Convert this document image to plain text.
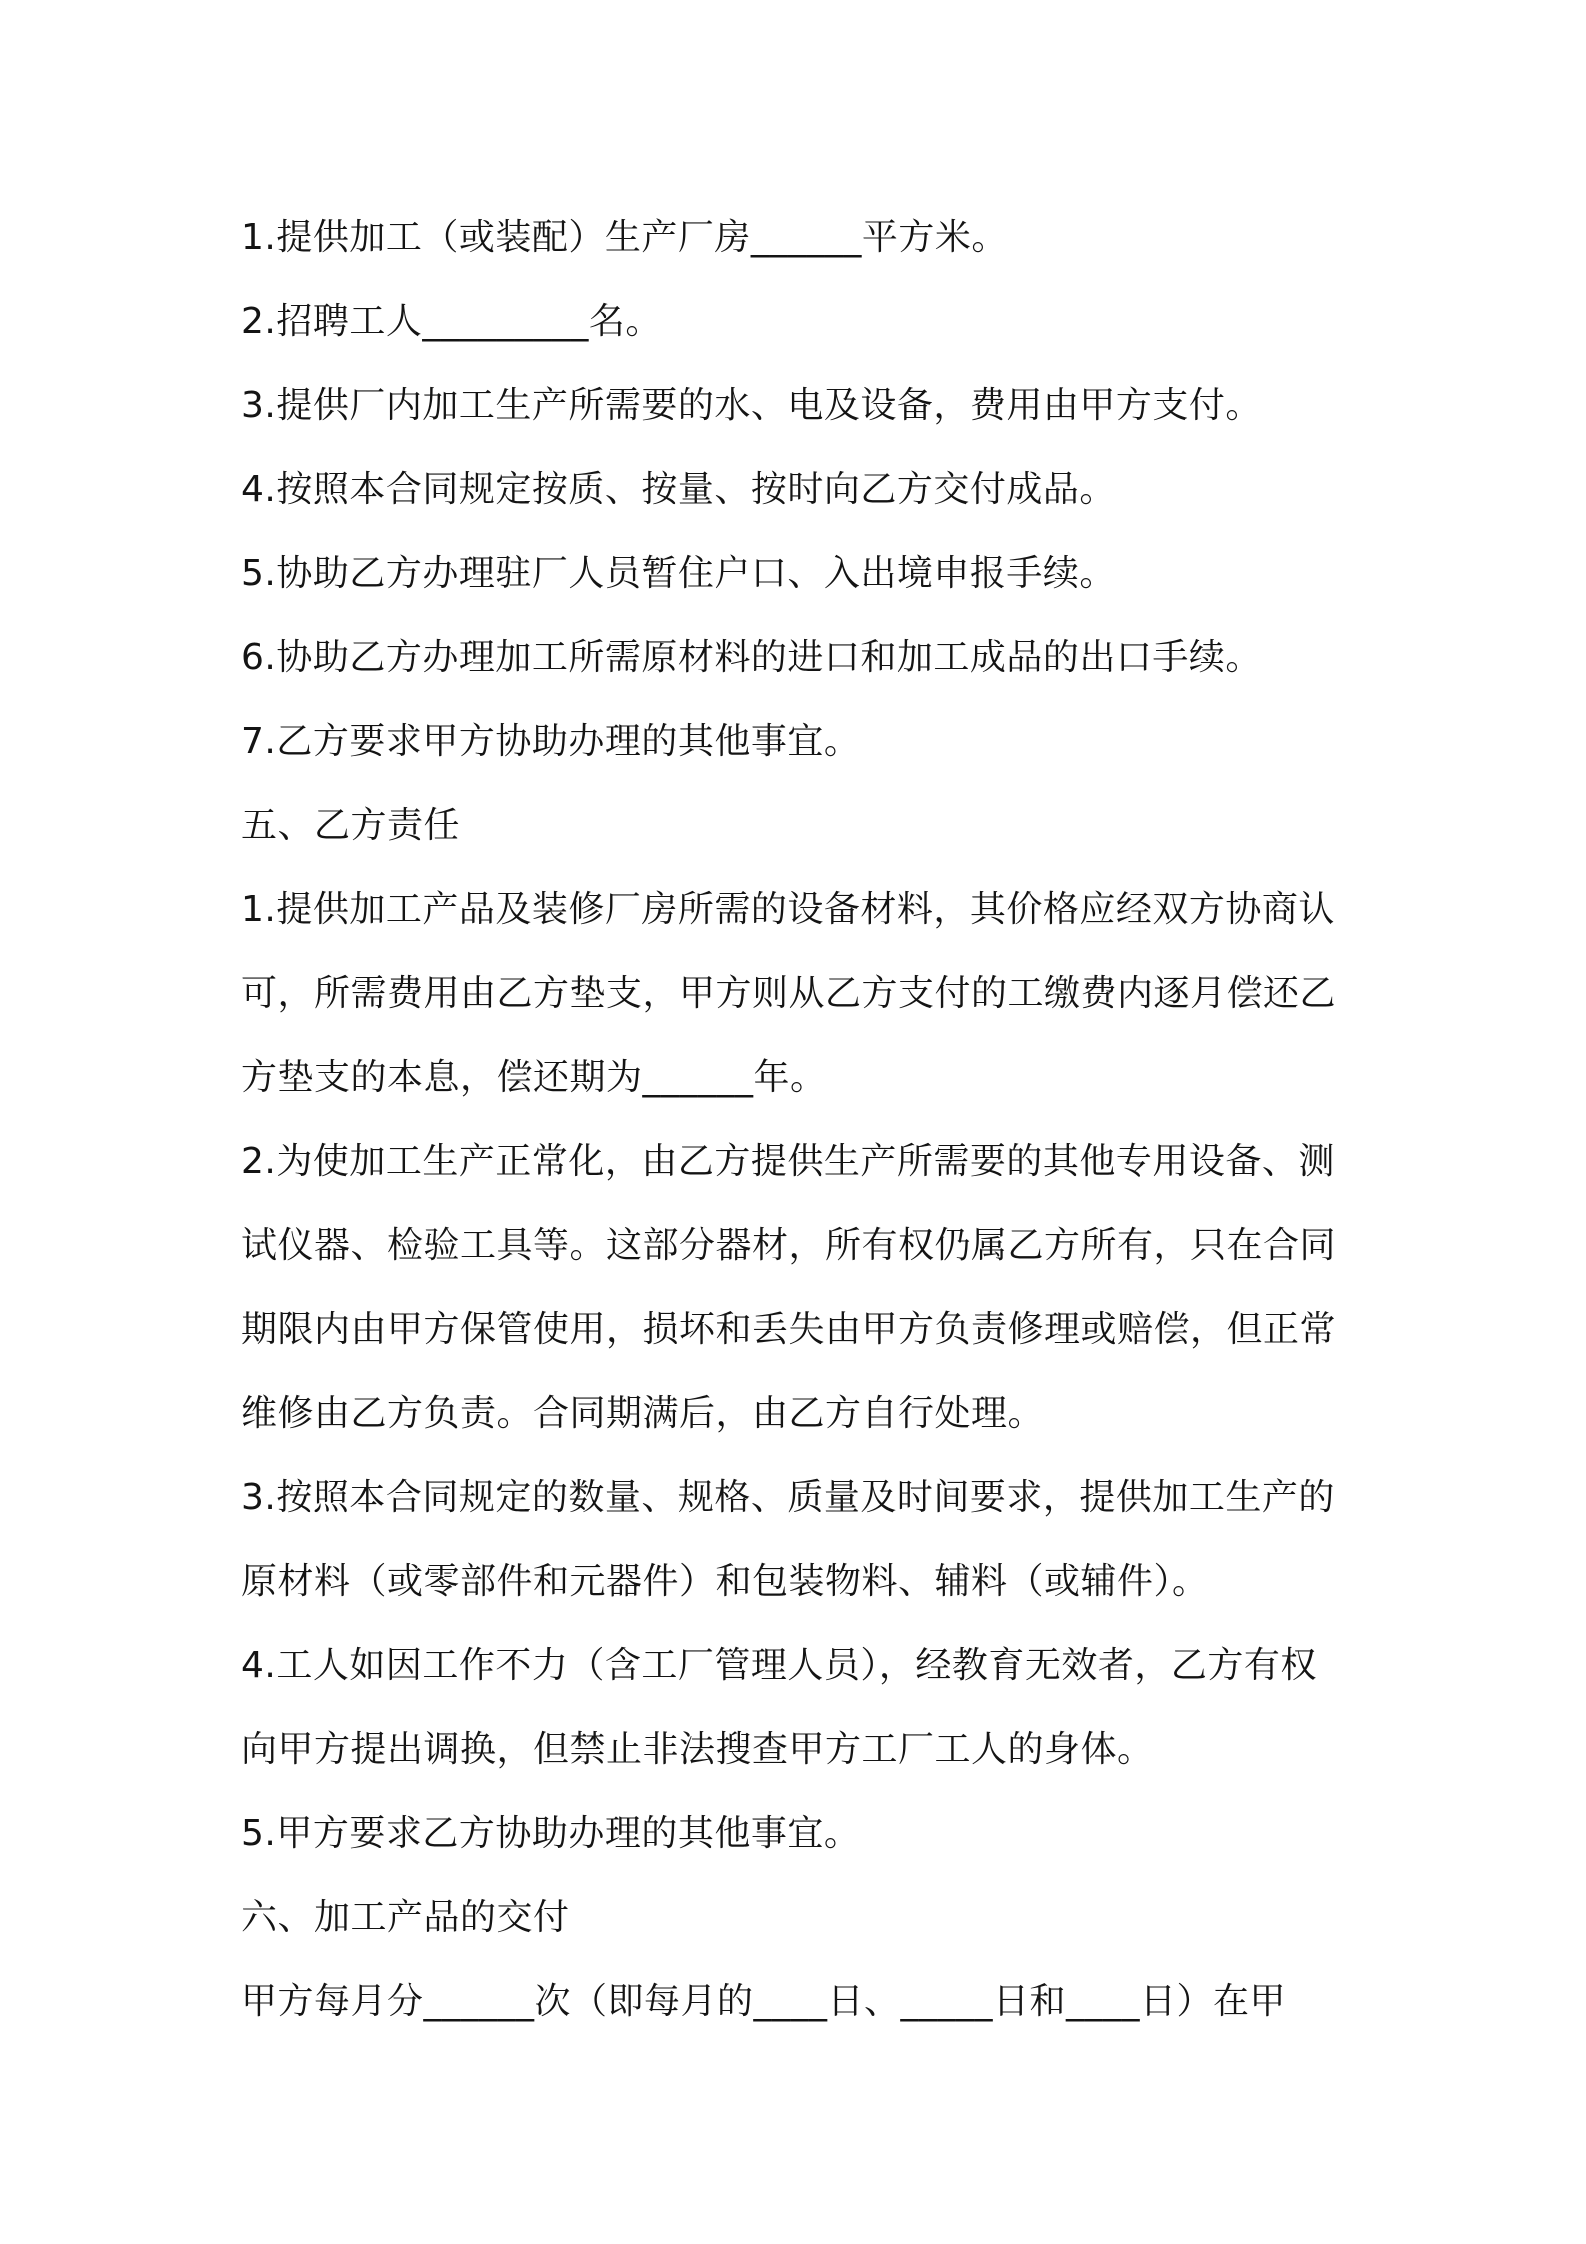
1.提供加工（或装配）生产厂房______平方米。
2.招聘工人_________名。
3.提供厂内加工生产所需要的水、电及设备，费用由甲方支付。
4.按照本合同规定按质、按量、按时向乙方交付成品。
5.协助乙方办理驻厂人员暂住户口、入出境申报手续。
6.协助乙方办理加工所需原材料的进口和加工成品的出口手续。
7.乙方要求甲方协助办理的其他事宜。
五、乙方责任
1.提供加工产品及装修厂房所需的设备材料，其价格应经双方协商认
可，所需费用由乙方垫支，甲方则从乙方支付的工缴费内逐月偿还乙
方垫支的本息，偿还期为______年。
2.为使加工生产正常化，由乙方提供生产所需要的其他专用设备、测
试仪器、检验工具等。这部分器材，所有权仍属乙方所有，只在合同
期限内由甲方保管使用，损坏和丢失由甲方负责修理或赔偿，但正常
维修由乙方负责。合同期满后，由乙方自行处理。
3.按照本合同规定的数量、规格、质量及时间要求，提供加工生产的
原材料（或零部件和元器件）和包装物料、辅料（或辅件）。
4.工人如因工作不力（含工厂管理人员），经教育无效者，乙方有权
向甲方提出调换，但禁止非法搜查甲方工厂工人的身体。
5.甲方要求乙方协助办理的其他事宜。
六、加工产品的交付
甲方每月分______次（即每月的____日、_____日和____日）在甲
